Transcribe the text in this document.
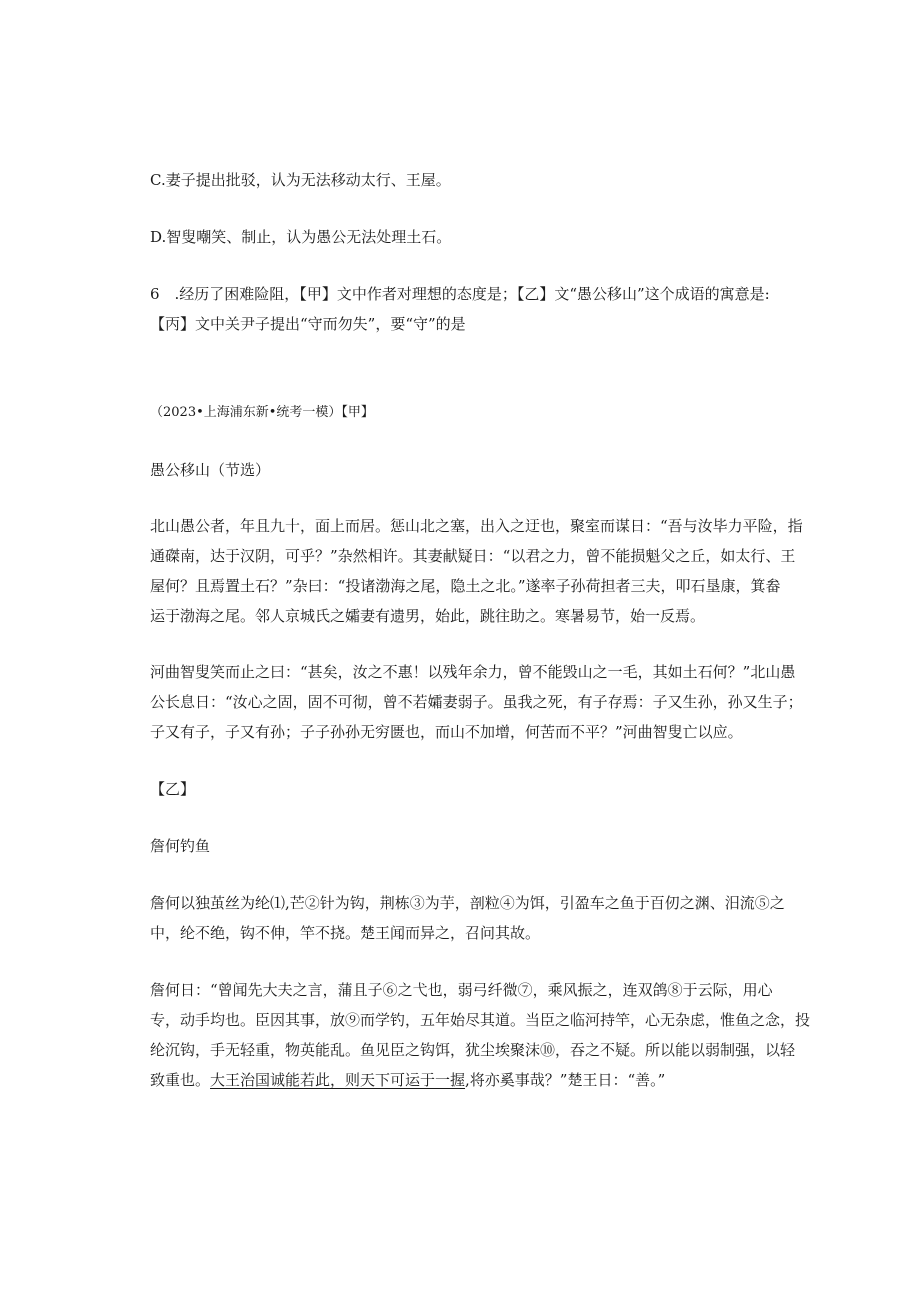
C.妻子提出批驳，认为无法移动太行、王屋。
D.智叟嘲笑、制止，认为愚公无法处理土石。
6　.经历了困难险阻，【甲】文中作者对理想的态度是；【乙】文“愚公移山”这个成语的寓意是:
【丙】文中关尹子提出“守而勿失”，要“守”的是
（2023•上海浦东新•统考一模）【甲】
愚公移山（节选）
北山愚公者，年且九十，面上而居。惩山北之塞，出入之迂也，聚室而谋日：“吾与汝毕力平险，指
通磔南，达于汉阴，可乎？”杂然相许。其妻献疑日：“以君之力，曾不能损魁父之丘，如太行、王
屋何？且焉置土石？”杂曰：“投诸渤海之尾，隐土之北。”遂率子孙荷担者三夫，叩石垦康，箕畚
运于渤海之尾。邻人京城氏之孀妻有遗男，始此，跳往助之。寒暑易节，始一反焉。
河曲智叟笑而止之曰：“甚矣，汝之不惠！以残年余力，曾不能毁山之一毛，其如土石何？”北山愚
公长息日：“汝心之固，固不可彻，曾不若孀妻弱子。虽我之死，有子存焉：子又生孙，孙又生子；
子又有子，子又有孙；子子孙孙无穷匮也，而山不加增，何苦而不平？”河曲智叟亡以应。
【乙】
詹何钓鱼
詹何以独茧丝为纶⑴,芒②针为钩，荆栋③为芋，剖粒④为饵，引盈车之鱼于百仞之渊、汨流⑤之
中，纶不绝，钩不伸，竿不挠。楚王闻而异之，召问其故。
詹何日：“曾闻先大夫之言，蒲且子⑥之弋也，弱弓纤微⑦，乘风振之，连双鸽⑧于云际，用心
专，动手均也。臣因其事，放⑨而学钓，五年始尽其道。当臣之临河持竿，心无杂虑，惟鱼之念，投
纶沉钩，手无轻重，物英能乱。鱼见臣之钩饵，犹尘埃聚沫⑩，吞之不疑。所以能以弱制强，以轻
致重也。大王治国诚能若此，则天下可运于一握,将亦奚事哉？”楚王日：“善。”
